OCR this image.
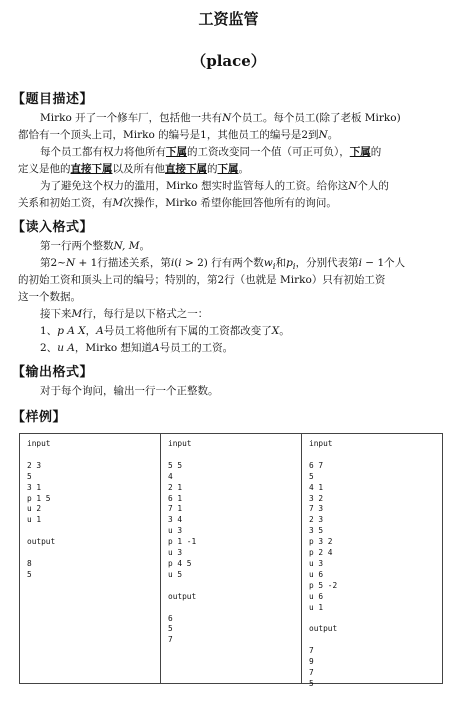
工资监管
（place）
【题目描述】
Mirko 开了一个修车厂，包括他一共有N个员工。每个员工(除了老板 Mirko)
都恰有一个顶头上司，Mirko 的编号是1，其他员工的编号是2到N。
每个员工都有权力将他所有下属的工资改变同一个值（可正可负），下属的
定义是他的直接下属以及所有他直接下属的下属。
为了避免这个权力的滥用，Mirko 想实时监管每人的工资。给你这N个人的
关系和初始工资，有M次操作，Mirko 希望你能回答他所有的询问。
【读入格式】
第一行两个整数N, M。
第2~N + 1行描述关系，第i(i > 2) 行有两个数$w_i$和$p_i$，分别代表第i − 1个人
的初始工资和顶头上司的编号；特别的，第2行（也就是 Mirko）只有初始工资
这一个数据。
接下来M行，每行是以下格式之一：
1、p A X，A号员工将他所有下属的工资都改变了X。
2、u A，Mirko 想知道A号员工的工资。
【输出格式】
对于每个询问，输出一行一个正整数。
【样例】
input

2 3
5
3 1
p 1 5
u 2
u 1

output

8
5
input

5 5
4
2 1
6 1
7 1
3 4
u 3
p 1 -1
u 3
p 4 5
u 5

output

6
5
7
input

6 7
5
4 1
3 2
7 3
2 3
3 5
p 3 2
p 2 4
u 3
u 6
p 5 -2
u 6
u 1

output

7
9
7
5
